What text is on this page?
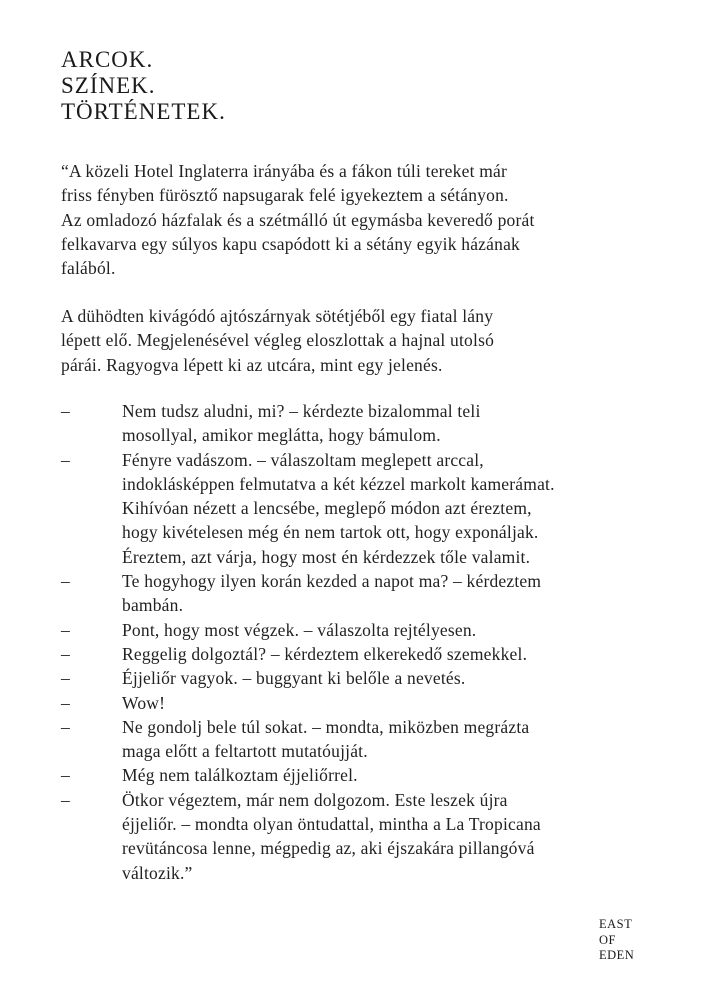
ARCOK.
SZÍNEK.
TÖRTÉNETEK.
“A közeli Hotel Inglaterra irányába és a fákon túli tereket már
friss fényben fürösztő napsugarak felé igyekeztem a sétányon.
Az omladozó házfalak és a szétmálló út egymásba keveredő porát
felkavarva egy súlyos kapu csapódott ki a sétány egyik házának
falából.
A dühödten kivágódó ajtószárnyak sötétjéből egy fiatal lány
lépett elő. Megjelenésével végleg eloszlottak a hajnal utolsó
párái. Ragyogva lépett ki az utcára, mint egy jelenés.
–	Nem tudsz aludni, mi? – kérdezte bizalommal teli
mosollyal, amikor meglátta, hogy bámulom.
–	Fényre vadászom. – válaszoltam meglepett arccal,
indoklásképpen felmutatva a két kézzel markolt kamerámat.
Kihívóan nézett a lencsébe, meglepő módon azt éreztem,
hogy kivételesen még én nem tartok ott, hogy exponáljak.
Éreztem, azt várja, hogy most én kérdezzek tőle valamit.
–	Te hogyhogy ilyen korán kezded a napot ma? – kérdeztem
bambán.
–	Pont, hogy most végzek. – válaszolta rejtélyesen.
–	Reggelig dolgoztál? – kérdeztem elkerekedő szemekkel.
–	Éjjeliőr vagyok. – buggyant ki belőle a nevetés.
–	Wow!
–	Ne gondolj bele túl sokat. – mondta, miközben megrázta
maga előtt a feltartott mutatóujját.
–	Még nem találkoztam éjjeliőrrel.
–	Ötkor végeztem, már nem dolgozom. Este leszek újra
éjjeliőr. – mondta olyan öntudattal, mintha a La Tropicana
revütáncosa lenne, mégpedig az, aki éjszakára pillangóvá
változik.”
EAST
OF
EDEN
